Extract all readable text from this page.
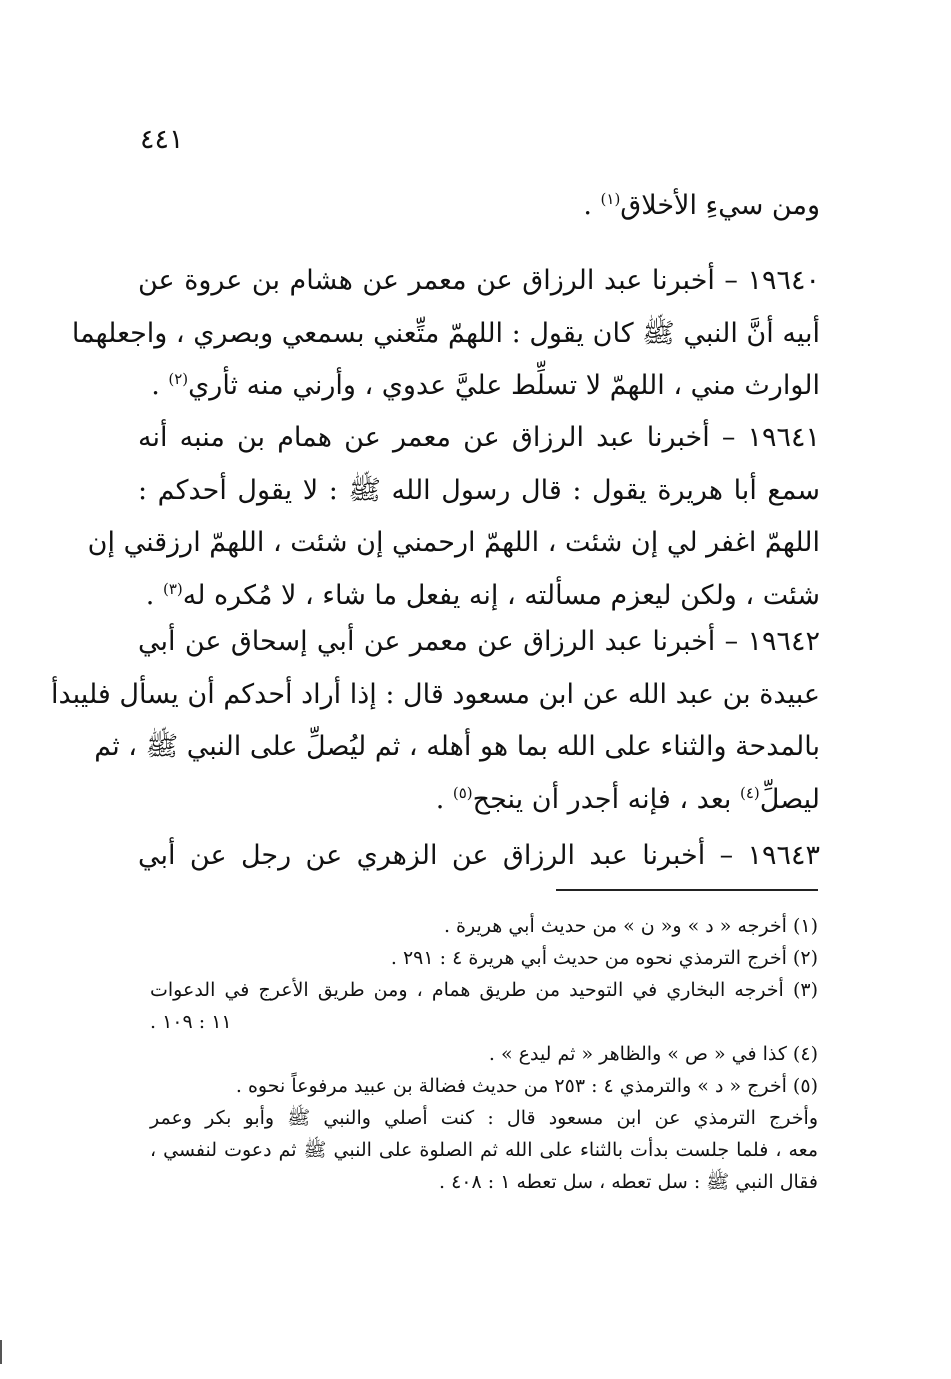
٤٤١
ومن سيءِ الأخلاق$^{(١)}$ .
١٩٦٤٠ – أخبرنا عبد الرزاق عن معمر عن هشام بن عروة عن
أبيه أنَّ النبي ﷺ كان يقول : اللهمّ متِّعني بسمعي وبصري ، واجعلهما
الوارث مني ، اللهمّ لا تسلِّط عليَّ عدوي ، وأرني منه ثأري$^{(٢)}$ .
١٩٦٤١ – أخبرنا عبد الرزاق عن معمر عن همام بن منبه أنه
سمع أبا هريرة يقول : قال رسول الله ﷺ : لا يقول أحدكم :
اللهمّ اغفر لي إن شئت ، اللهمّ ارحمني إن شئت ، اللهمّ ارزقني إن
شئت ، ولكن ليعزم مسألته ، إنه يفعل ما شاء ، لا مُكره له$^{(٣)}$ .
١٩٦٤٢ – أخبرنا عبد الرزاق عن معمر عن أبي إسحاق عن أبي
عبيدة بن عبد الله عن ابن مسعود قال : إذا أراد أحدكم أن يسأل فليبدأ
بالمدحة والثناء على الله بما هو أهله ، ثم ليُصلِّ على النبي ﷺ ، ثم
ليصلِّ$^{(٤)}$ بعد ، فإنه أجدر أن ينجح$^{(٥)}$ .
١٩٦٤٣ – أخبرنا عبد الرزاق عن الزهري عن رجل عن أبي
(١) أخرجه « د » و« ن » من حديث أبي هريرة .
(٢) أخرج الترمذي نحوه من حديث أبي هريرة ٤ : ٢٩١ .
(٣) أخرجه البخاري في التوحيد من طريق همام ، ومن طريق الأعرج في الدعوات
١١ : ١٠٩ .
(٤) كذا في « ص » والظاهر « ثم ليدع » .
(٥) أخرج « د » والترمذي ٤ : ٢٥٣ من حديث فضالة بن عبيد مرفوعاً نحوه .
وأخرج الترمذي عن ابن مسعود قال : كنت أصلي والنبي ﷺ وأبو بكر وعمر
معه ، فلما جلست بدأت بالثناء على الله ثم الصلوة على النبي ﷺ ثم دعوت لنفسي ،
فقال النبي ﷺ : سل تعطه ، سل تعطه ١ : ٤٠٨ .
